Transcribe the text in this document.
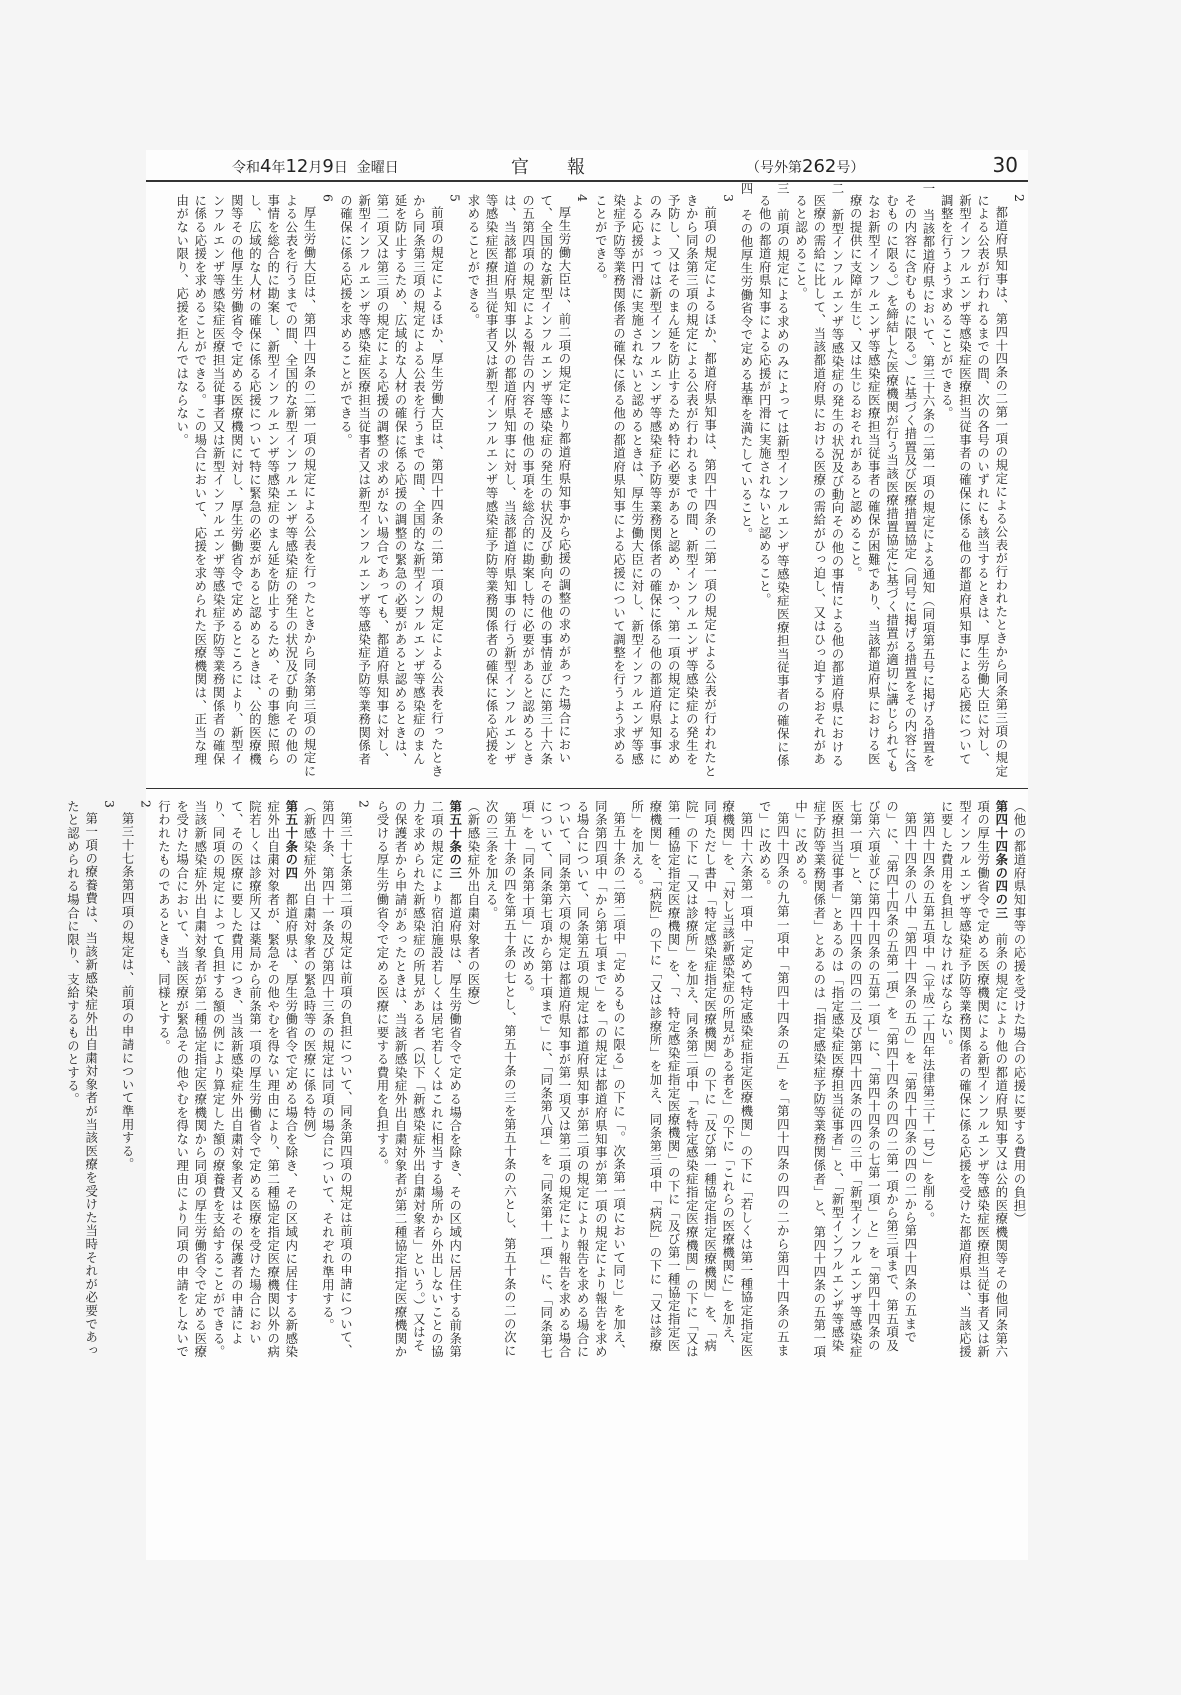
令和4年12月9日 金曜日	官報	（号外第262号）	30

2

都道府県知事は、第四十四条の二第一項の規定による公表が行われたときから同条第三項の規定による公表が行われるまでの間、次の各号のいずれにも該当するときは、厚生労働大臣に対し、新型インフルエンザ等感染症医療担当従事者の確保に係る他の都道府県知事による応援について調整を行うよう求めることができる。

一　当該都道府県において、第三十六条の二第一項の規定による通知（同項第五号に掲げる措置をその内容に含むものに限る。）に基づく措置及び医療措置協定（同号に掲げる措置をその内容に含むものに限る。）を締結した医療機関が行う当該医療措置協定に基づく措置が適切に講じられてもなお新型インフルエンザ等感染症医療担当従事者の確保が困難であり、当該都道府県における医療の提供に支障が生じ、又は生じるおそれがあると認めること。

二　新型インフルエンザ等感染症の発生の状況及び動向その他の事情による他の都道府県における医療の需給に比して、当該都道府県における医療の需給がひっ迫し、又はひっ迫するおそれがあると認めること。

三　前項の規定による求めのみによっては新型インフルエンザ等感染症医療担当従事者の確保に係る他の都道府県知事による応援が円滑に実施されないと認めること。

四　その他厚生労働省令で定める基準を満たしていること。

3

前項の規定によるほか、都道府県知事は、第四十四条の二第一項の規定による公表が行われたときから同条第三項の規定による公表が行われるまでの間、新型インフルエンザ等感染症の発生を予防し、又はそのまん延を防止するため特に必要があると認め、かつ、第一項の規定による求めのみによっては新型インフルエンザ等感染症予防等業務関係者の確保に係る他の都道府県知事による応援が円滑に実施されないと認めるときは、厚生労働大臣に対し、新型インフルエンザ等感染症予防等業務関係者の確保に係る他の都道府県知事による応援について調整を行うよう求めることができる。

4

厚生労働大臣は、前二項の規定により都道府県知事から応援の調整の求めがあった場合において、全国的な新型インフルエンザ等感染症の発生の状況及び動向その他の事情並びに第三十六条の五第四項の規定による報告の内容その他の事項を総合的に勘案し特に必要があると認めるときは、当該都道府県知事以外の都道府県知事に対し、当該都道府県知事の行う新型インフルエンザ等感染症医療担当従事者又は新型インフルエンザ等感染症予防等業務関係者の確保に係る応援を求めることができる。

5

前項の規定によるほか、厚生労働大臣は、第四十四条の二第一項の規定による公表を行ったときから同条第三項の規定による公表を行うまでの間、全国的な新型インフルエンザ等感染症のまん延を防止するため、広域的な人材の確保に係る応援の調整の緊急の必要があると認めるときは、第二項又は第三項の規定による応援の調整の求めがない場合であっても、都道府県知事に対し、新型インフルエンザ等感染症医療担当従事者又は新型インフルエンザ等感染症予防等業務関係者の確保に係る応援を求めることができる。

6

厚生労働大臣は、第四十四条の二第一項の規定による公表を行ったときから同条第三項の規定による公表を行うまでの間、全国的な新型インフルエンザ等感染症の発生の状況及び動向その他の事情を総合的に勘案し、新型インフルエンザ等感染症のまん延を防止するため、その事態に照らし、広域的な人材の確保に係る応援について特に緊急の必要があると認めるときは、公的医療機関等その他厚生労働省令で定める医療機関に対し、厚生労働省令で定めるところにより、新型インフルエンザ等感染症医療担当従事者又は新型インフルエンザ等感染症予防等業務関係者の確保に係る応援を求めることができる。この場合において、応援を求められた医療機関は、正当な理由がない限り、応援を拒んではならない。

（他の都道府県知事等の応援を受けた場合の応援に要する費用の負担）

第四十四条の四の三　前条の規定により他の都道府県知事又は公的医療機関等その他同条第六項の厚生労働省令で定める医療機関による新型インフルエンザ等感染症医療担当従事者又は新型インフルエンザ等感染症予防等業務関係者の確保に係る応援を受けた都道府県は、当該応援に要した費用を負担しなければならない。

第四十四条の五第五項中「（平成二十四年法律第三十一号）」を削る。

第四十四条の八中「第四十四条の五の」を「第四十四条の四の二から第四十四条の五までの」に、「第四十四条の五第一項」を「第四十四条の四の二第一項から第三項まで、第五項及び第六項並びに第四十四条の五第一項」に、「第四十四条の七第一項」と」を「第四十四条の七第一項」と、第四十四条の四の二及び第四十四条の四の三中「新型インフルエンザ等感染症医療担当従事者」とあるのは「指定感染症医療担当従事者」と、「新型インフルエンザ等感染症予防等業務関係者」とあるのは「指定感染症予防等業務関係者」と、第四十四条の五第一項中」に改める。

第四十四条の九第一項中「第四十四条の五」を「第四十四条の四の二から第四十四条の五まで」に改める。

第四十六条第一項中「定めて特定感染症指定医療機関」の下に「若しくは第一種協定指定医療機関」を、「対し当該新感染症の所見がある者を」の下に「これらの医療機関に」を加え、同項ただし書中「特定感染症指定医療機関」の下に「及び第一種協定指定医療機関」を、「病院」の下に「又は診療所」を加え、同条第二項中「を特定感染症指定医療機関」の下に「又は第一種協定指定医療機関」を、「、特定感染症指定医療機関」の下に「及び第一種協定指定医療機関」を、「病院」の下に「又は診療所」を加え、同条第三項中「病院」の下に「又は診療所」を加える。

第五十条の二第二項中「定めるものに限る」の下に「。次条第一項において同じ」を加え、同条第四項中「から第七項まで」を「の規定は都道府県知事が第一項の規定により報告を求める場合について、同条第五項の規定は都道府県知事が第二項の規定により報告を求める場合について、同条第六項の規定は都道府県知事が第一項又は第二項の規定により報告を求める場合について、同条第七項から第十項まで」に、「同条第八項」を「同条第十一項」に、「同条第七項」を「同条第十項」に改める。

第五十条の四を第五十条の七とし、第五十条の三を第五十条の六とし、第五十条の二の次に次の三条を加える。

（新感染症外出自粛対象者の医療）

第五十条の三　都道府県は、厚生労働省令で定める場合を除き、その区域内に居住する前条第二項の規定により宿泊施設若しくは居宅若しくはこれに相当する場所から外出しないことの協力を求められた新感染症の所見がある者（以下「新感染症外出自粛対象者」という。）又はその保護者から申請があったときは、当該新感染症外出自粛対象者が第二種協定指定医療機関から受ける厚生労働省令で定める医療に要する費用を負担する。

2

第三十七条第二項の規定は前項の負担について、同条第四項の規定は前項の申請について、第四十条、第四十一条及び第四十三条の規定は同項の場合について、それぞれ準用する。

（新感染症外出自粛対象者の緊急時等の医療に係る特例）

第五十条の四　都道府県は、厚生労働省令で定める場合を除き、その区域内に居住する新感染症外出自粛対象者が、緊急その他やむを得ない理由により、第二種協定指定医療機関以外の病院若しくは診療所又は薬局から前条第一項の厚生労働省令で定める医療を受けた場合において、その医療に要した費用につき、当該新感染症外出自粛対象者又はその保護者の申請により、同項の規定によって負担する額の例により算定した額の療養費を支給することができる。当該新感染症外出自粛対象者が第二種協定指定医療機関から同項の厚生労働省令で定める医療を受けた場合において、当該医療が緊急その他やむを得ない理由により同項の申請をしないで行われたものであるときも、同様とする。

2

第三十七条第四項の規定は、前項の申請について準用する。

3

第一項の療養費は、当該新感染症外出自粛対象者が当該医療を受けた当時それが必要であったと認められる場合に限り、支給するものとする。
